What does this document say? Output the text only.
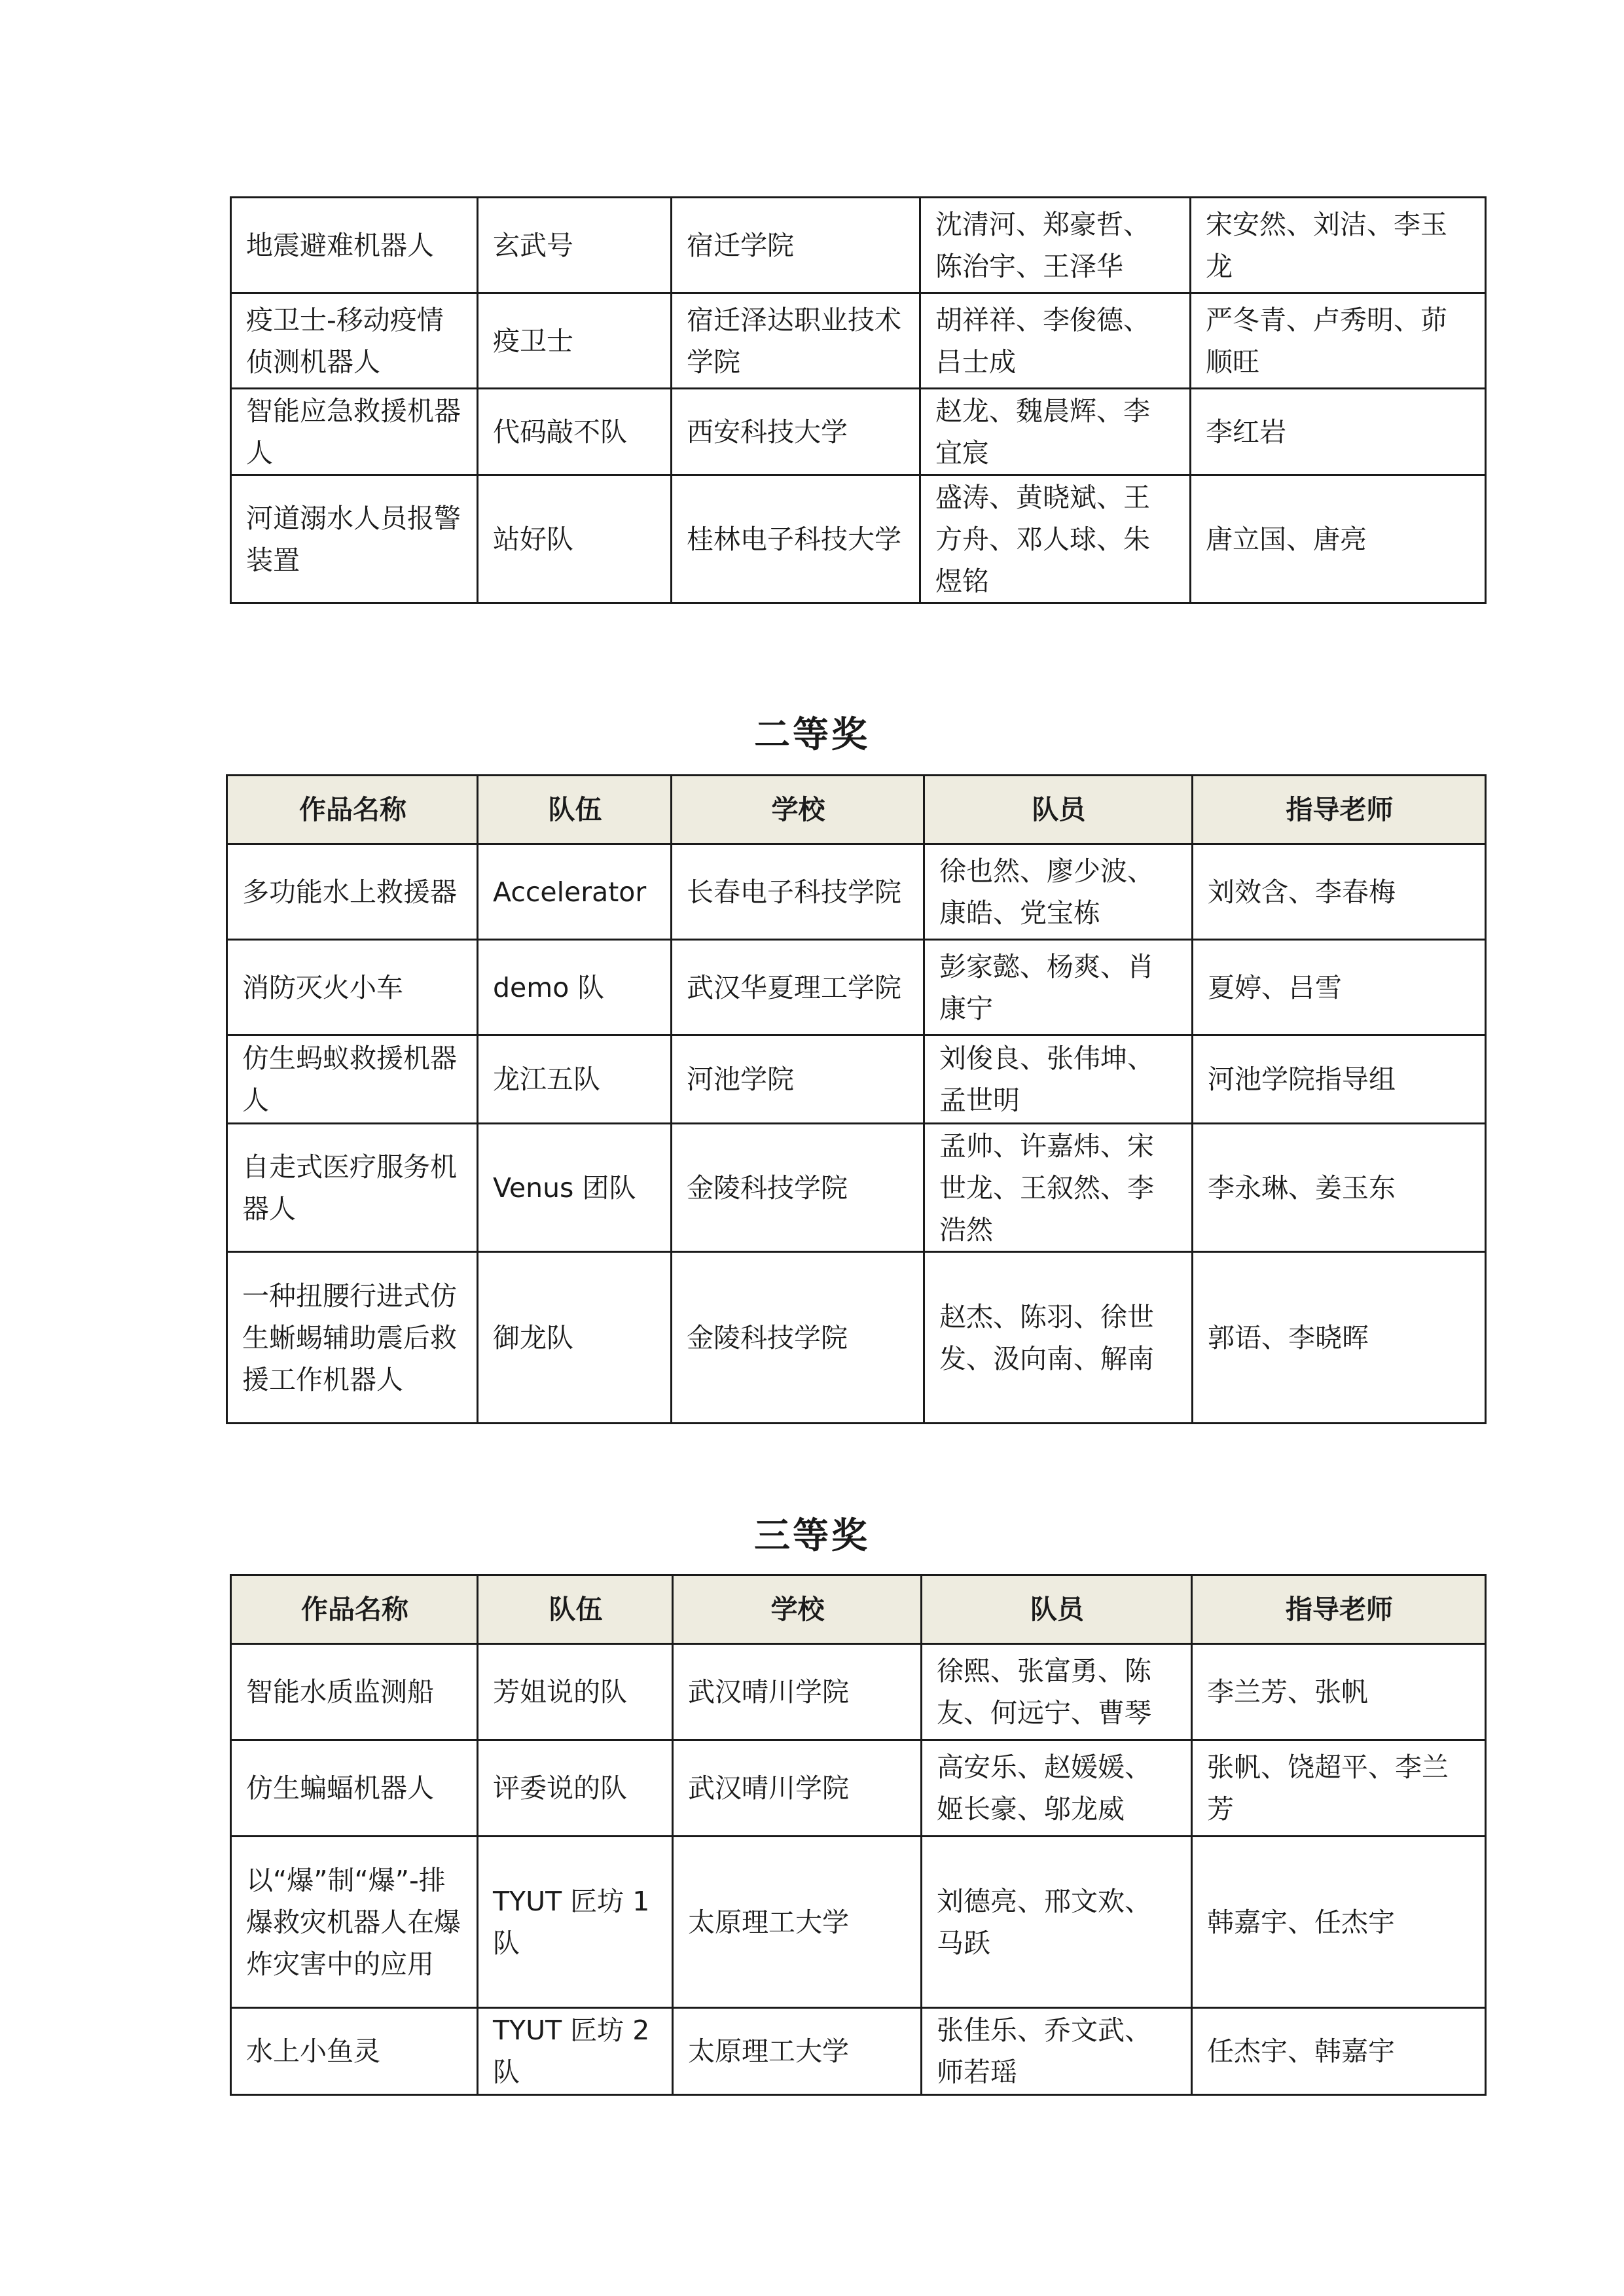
地震避难机器人	玄武号	宿迁学院	沈清河、郑豪哲、陈治宇、王泽华	宋安然、刘洁、李玉龙
疫卫士-移动疫情侦测机器人	疫卫士	宿迁泽达职业技术学院	胡祥祥、李俊德、吕士成	严冬青、卢秀明、茆顺旺
智能应急救援机器人	代码敲不队	西安科技大学	赵龙、魏晨辉、李宜宸	李红岩
河道溺水人员报警装置	站好队	桂林电子科技大学	盛涛、黄晓斌、王方舟、邓人球、朱煜铭	唐立国、唐亮
二等奖
作品名称	队伍	学校	队员	指导老师
多功能水上救援器	Accelerator	长春电子科技学院	徐也然、廖少波、康皓、党宝栋	刘效含、李春梅
消防灭火小车	demo 队	武汉华夏理工学院	彭家懿、杨爽、肖康宁	夏婷、吕雪
仿生蚂蚁救援机器人	龙江五队	河池学院	刘俊良、张伟坤、孟世明	河池学院指导组
自走式医疗服务机器人	Venus 团队	金陵科技学院	孟帅、许嘉炜、宋世龙、王叙然、李浩然	李永琳、姜玉东
一种扭腰行进式仿生蜥蜴辅助震后救援工作机器人	御龙队	金陵科技学院	赵杰、陈羽、徐世发、汲向南、解南	郭语、李晓晖
三等奖
作品名称	队伍	学校	队员	指导老师
智能水质监测船	芳姐说的队	武汉晴川学院	徐熙、张富勇、陈友、何远宁、曹琴	李兰芳、张帆
仿生蝙蝠机器人	评委说的队	武汉晴川学院	高安乐、赵媛媛、姬长豪、邬龙威	张帆、饶超平、李兰芳
以“爆”制“爆”-排爆救灾机器人在爆炸灾害中的应用	TYUT 匠坊 1 队	太原理工大学	刘德亮、邢文欢、马跃	韩嘉宇、任杰宇
水上小鱼灵	TYUT 匠坊 2 队	太原理工大学	张佳乐、乔文武、师若瑶	任杰宇、韩嘉宇
